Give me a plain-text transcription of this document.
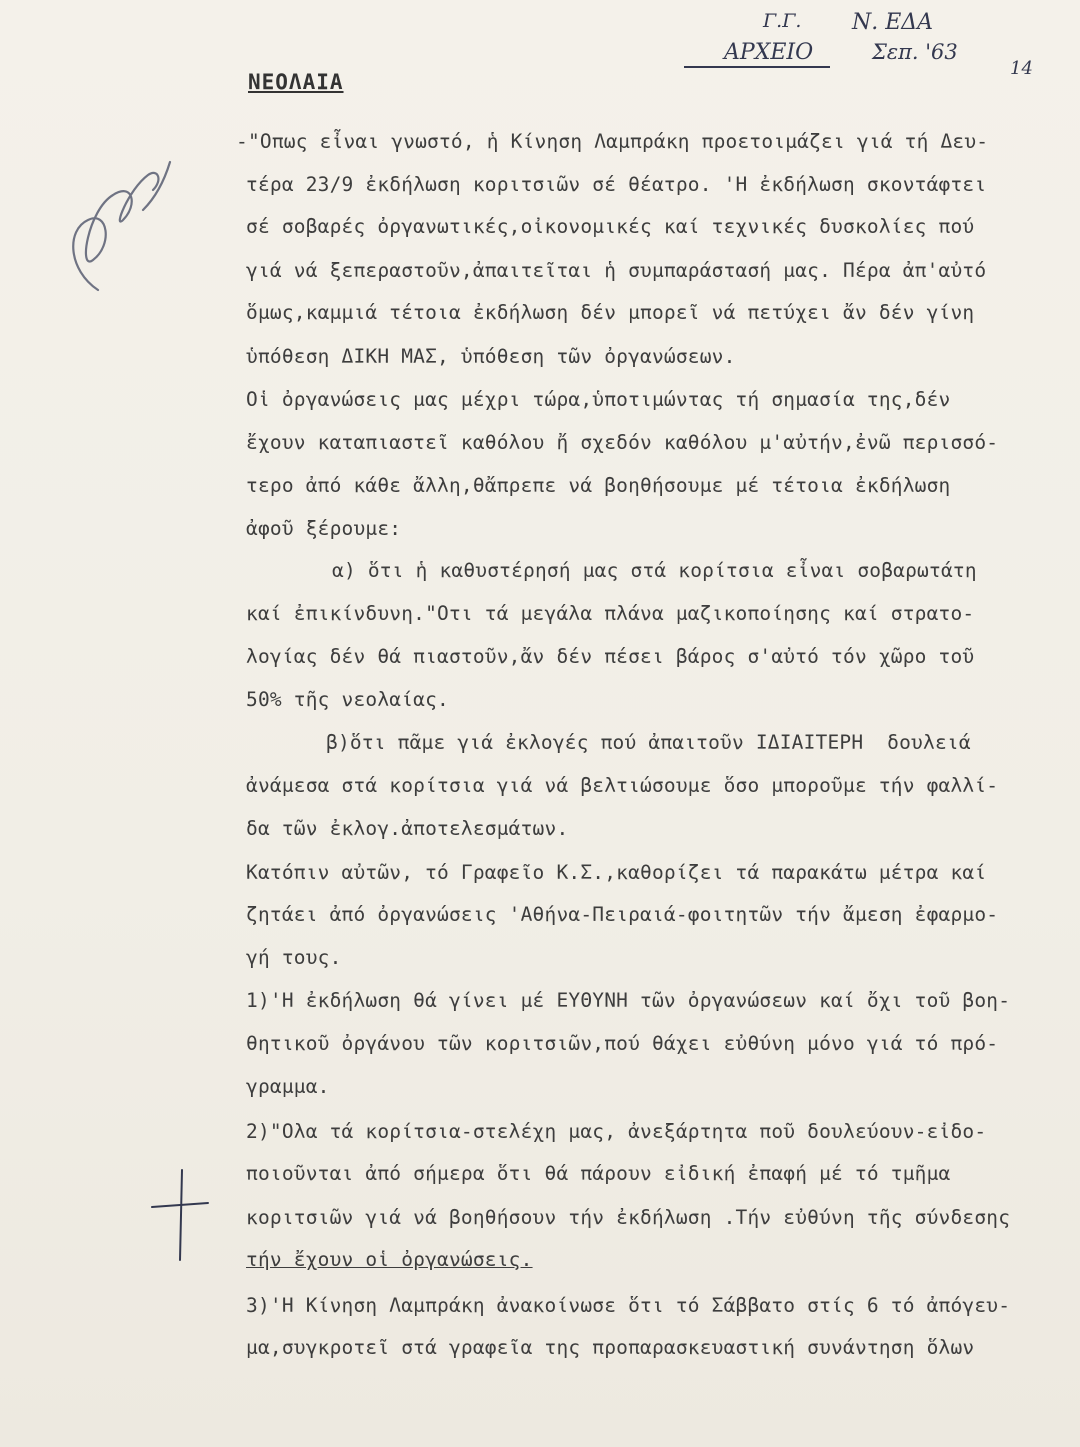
Γ.Γ.
ΑΡΧΕΙΟ
Ν. ΕΔΑ
Σεπ. '63
14
ΝΕΟΛΑΙΑ
-"Οπως εἶναι γνωστό, ἡ Κίνηση Λαμπράκη προετοιμάζει γιά τή Δευ-
τέρα 23/9 ἐκδήλωση κοριτσιῶν σέ θέατρο. 'Η ἐκδήλωση σκοντάφτει
σέ σοβαρές ὀργανωτικές,οἰκονομικές καί τεχνικές δυσκολίες πού
γιά νά ξεπεραστοῦν,ἀπαιτεῖται ἡ συμπαράστασή μας. Πέρα ἀπ'αὐτό
ὅμως,καμμιά τέτοια ἐκδήλωση δέν μπορεῖ νά πετύχει ἄν δέν γίνη
ὑπόθεση ΔΙΚΗ ΜΑΣ, ὑπόθεση τῶν ὀργανώσεων.
Οἱ ὀργανώσεις μας μέχρι τώρα,ὑποτιμώντας τή σημασία της,δέν
ἔχουν καταπιαστεῖ καθόλου ἤ σχεδόν καθόλου μ'αὐτήν,ἐνῶ περισσό-
τερο ἀπό κάθε ἄλλη,θἄπρεπε νά βοηθήσουμε μέ τέτοια ἐκδήλωση
ἀφοῦ ξέρουμε:
α) ὅτι ἡ καθυστέρησή μας στά κορίτσια εἶναι σοβαρωτάτη
καί ἐπικίνδυνη."Οτι τά μεγάλα πλάνα μαζικοποίησης καί στρατο-
λογίας δέν θά πιαστοῦν,ἄν δέν πέσει βάρος σ'αὐτό τόν χῶρο τοῦ
50% τῆς νεολαίας.
β)ὅτι πᾶμε γιά ἐκλογές πού ἀπαιτοῦν ΙΔΙΑΙΤΕΡΗ  δουλειά
ἀνάμεσα στά κορίτσια γιά νά βελτιώσουμε ὅσο μποροῦμε τήν φαλλί-
δα τῶν ἐκλογ.ἀποτελεσμάτων.
Κατόπιν αὐτῶν, τό Γραφεῖο Κ.Σ.,καθορίζει τά παρακάτω μέτρα καί
ζητάει ἀπό ὀργανώσεις 'Αθήνα-Πειραιά-φοιτητῶν τήν ἄμεση ἐφαρμο-
γή τους.
1)'Η ἐκδήλωση θά γίνει μέ ΕΥΘΥΝΗ τῶν ὀργανώσεων καί ὄχι τοῦ βοη-
θητικοῦ ὀργάνου τῶν κοριτσιῶν,πού θάχει εὐθύνη μόνο γιά τό πρό-
γραμμα.
2)"Ολα τά κορίτσια-στελέχη μας, ἀνεξάρτητα ποῦ δουλεύουν-εἰδο-
ποιοῦνται ἀπό σήμερα ὅτι θά πάρουν εἰδική ἐπαφή μέ τό τμῆμα
κοριτσιῶν γιά νά βοηθήσουν τήν ἐκδήλωση .Τήν εὐθύνη τῆς σύνδεσης
τήν ἔχουν οἱ ὀργανώσεις.
3)'Η Κίνηση Λαμπράκη ἀνακοίνωσε ὅτι τό Σάββατο στίς 6 τό ἀπόγευ-
μα,συγκροτεῖ στά γραφεῖα της προπαρασκευαστική συνάντηση ὅλων
